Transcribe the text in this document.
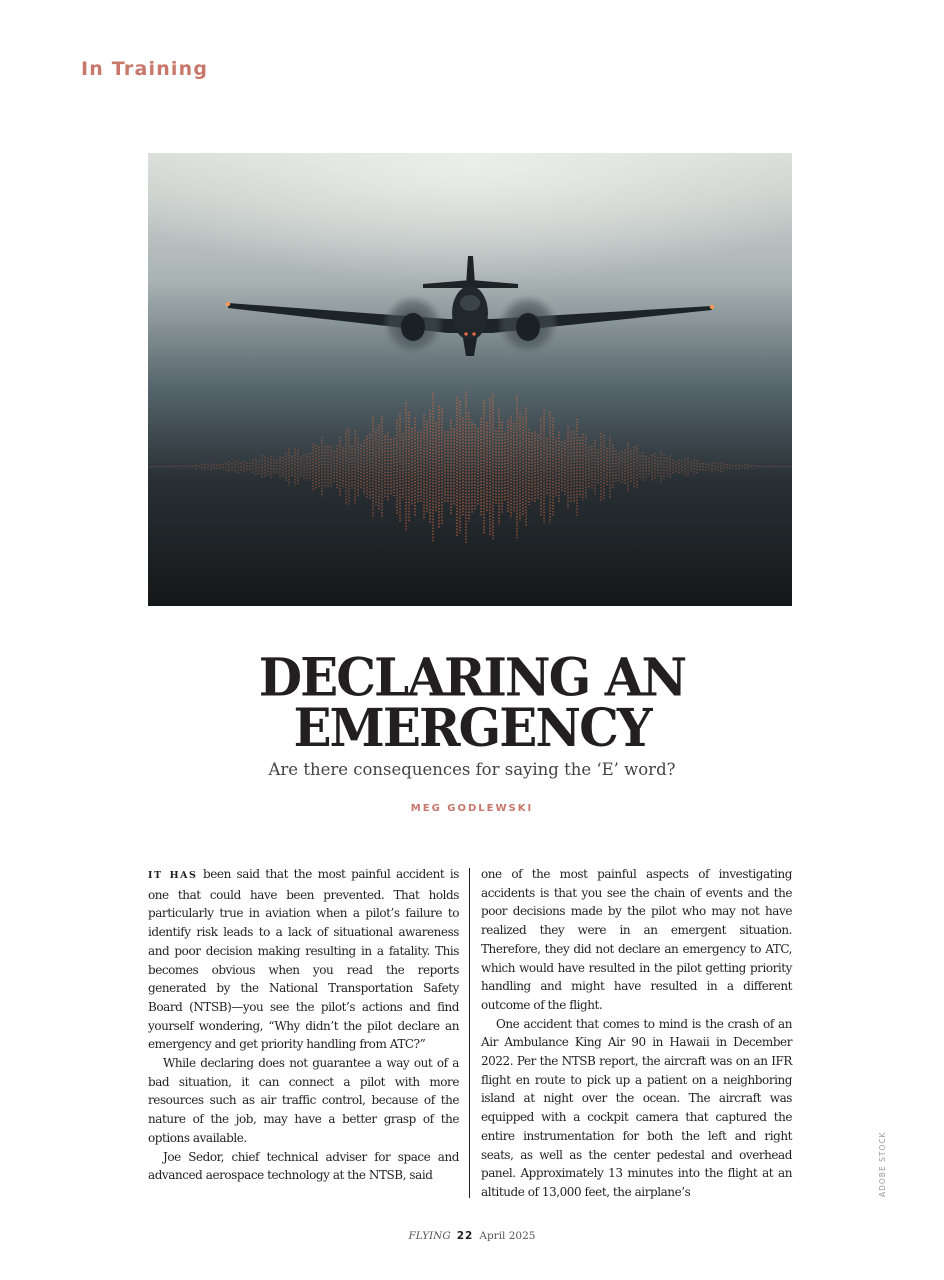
In Training
DECLARING AN
EMERGENCY
Are there consequences for saying the ‘E’ word?
MEG GODLEWSKI

IT HAS been said that the most painful accident is one that could have been prevented. That holds particularly true in aviation when a pilot’s failure to identify risk leads to a lack of situational awareness and poor decision making resulting in a fatality. This becomes obvious when you read the reports generated by the National Transportation Safety Board (NTSB)—you see the pilot’s actions and find yourself wondering, “Why didn’t the pilot declare an emergency and get priority handling from ATC?”

While declaring does not guarantee a way out of a bad situation, it can connect a pilot with more resources such as air traffic control, because of the nature of the job, may have a better grasp of the options available.

Joe Sedor, chief technical adviser for space and advanced aerospace technology at the NTSB, said

one of the most painful aspects of investigating accidents is that you see the chain of events and the poor decisions made by the pilot who may not have realized they were in an emergent situation. Therefore, they did not declare an emergency to ATC, which would have resulted in the pilot getting priority handling and might have resulted in a different outcome of the flight.

One accident that comes to mind is the crash of an Air Ambulance King Air 90 in Hawaii in December 2022. Per the NTSB report, the aircraft was on an IFR flight en route to pick up a patient on a neighboring island at night over the ocean. The aircraft was equipped with a cockpit camera that captured the entire instrumentation for both the left and right seats, as well as the center pedestal and overhead panel. Approximately 13 minutes into the flight at an altitude of 13,000 feet, the airplane’s	ADOBE STOCK
FLYING 22 April 2025
